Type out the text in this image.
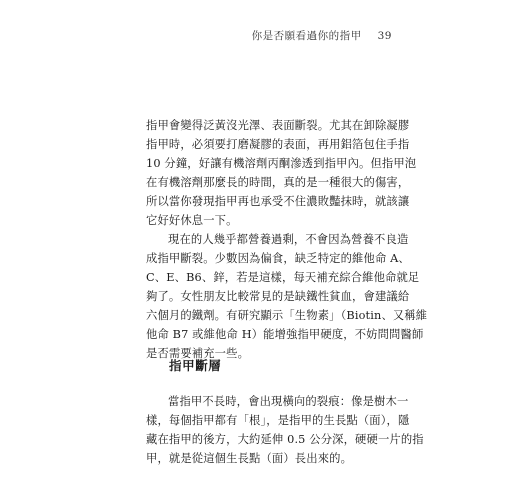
你是否願看過你的指甲 39

指甲會變得泛黃沒光澤、表面斷裂。尤其在卸除凝膠
指甲時，必須要打磨凝膠的表面，再用鋁箔包住手指
10 分鐘，好讓有機溶劑丙酮滲透到指甲內。但指甲泡
在有機溶劑那麼長的時間，真的是一種很大的傷害，
所以當你發現指甲再也承受不住濃敗豔抹時，就該讓
它好好休息一下。

現在的人幾乎都營養過剩，不會因為營養不良造
成指甲斷裂。少數因為偏食，缺乏特定的維他命 A、
C、E、B6、鋅，若是這樣，每天補充綜合維他命就足
夠了。女性朋友比較常見的是缺鐵性貧血，會建議給
六個月的鐵劑。有研究顯示「生物素」（Biotin、又稱維
他命 B7 或維他命 H）能增強指甲硬度，不妨問問醫師
是否需要補充一些。

指甲斷層

當指甲不長時，會出現橫向的裂痕：像是樹木一
樣，每個指甲都有「根」，是指甲的生長點（面），隱
藏在指甲的後方，大約延伸 0.5 公分深，硬硬一片的指
甲，就是從這個生長點（面）長出來的。
